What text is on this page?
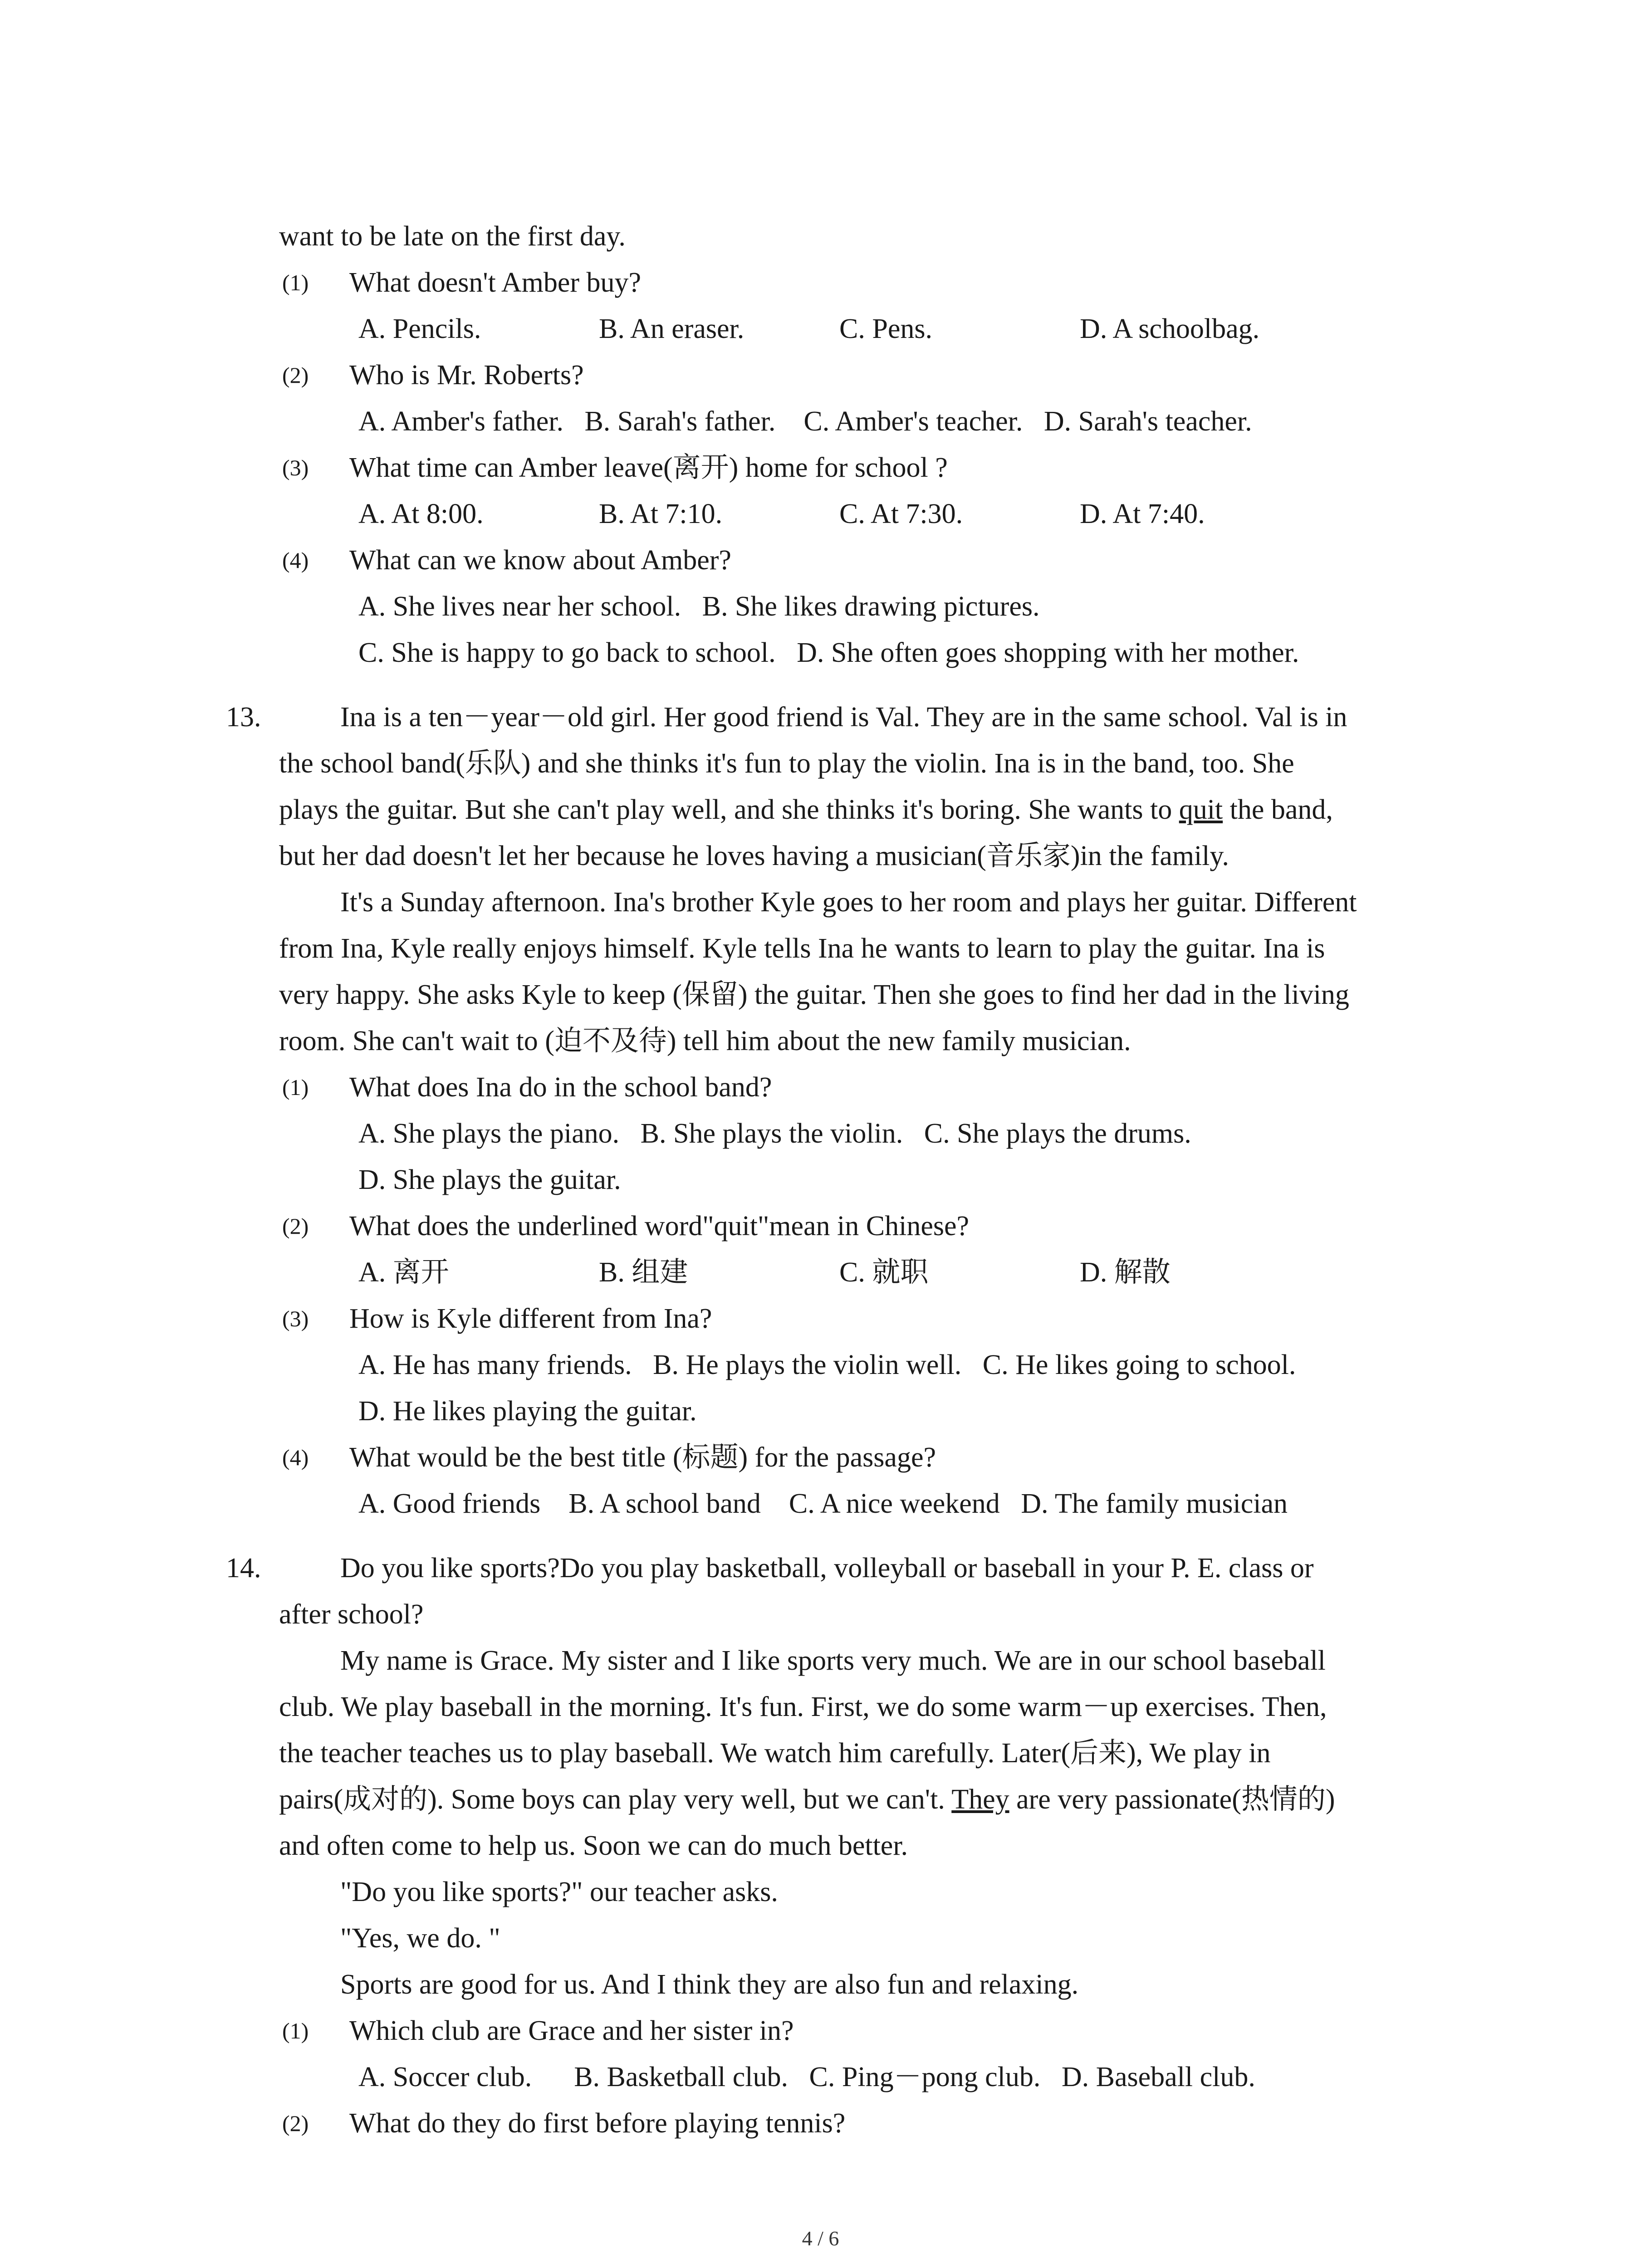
want to be late on the first day.
(1) What doesn't Amber buy?
A. Pencils.	B. An eraser.	C. Pens.	D. A schoolbag.
(2) Who is Mr. Roberts?
A. Amber's father.   B. Sarah's father.    C. Amber's teacher.   D. Sarah's teacher.
(3) What time can Amber leave(离开) home for school ?
A. At 8:00.	B. At 7:10.	C. At 7:30.	D. At 7:40.
(4) What can we know about Amber?
A. She lives near her school.   B. She likes drawing pictures.
C. She is happy to go back to school.   D. She often goes shopping with her mother.
13.	Ina is a ten－year－old girl. Her good friend is Val. They are in the same school. Val is in
the school band(乐队) and she thinks it's fun to play the violin. Ina is in the band, too. She
plays the guitar. But she can't play well, and she thinks it's boring. She wants to quit the band,
but her dad doesn't let her because he loves having a musician(音乐家)in the family.
It's a Sunday afternoon. Ina's brother Kyle goes to her room and plays her guitar. Different
from Ina, Kyle really enjoys himself. Kyle tells Ina he wants to learn to play the guitar. Ina is
very happy. She asks Kyle to keep (保留) the guitar. Then she goes to find her dad in the living
room. She can't wait to (迫不及待) tell him about the new family musician.
(1) What does Ina do in the school band?
A. She plays the piano.   B. She plays the violin.   C. She plays the drums.
D. She plays the guitar.
(2) What does the underlined word"quit"mean in Chinese?
A. 离开	B. 组建	C. 就职	D. 解散
(3) How is Kyle different from Ina?
A. He has many friends.   B. He plays the violin well.   C. He likes going to school.
D. He likes playing the guitar.
(4) What would be the best title (标题) for the passage?
A. Good friends    B. A school band    C. A nice weekend   D. The family musician
14.	Do you like sports?Do you play basketball, volleyball or baseball in your P. E. class or
after school?
My name is Grace. My sister and I like sports very much. We are in our school baseball
club. We play baseball in the morning. It's fun. First, we do some warm－up exercises. Then,
the teacher teaches us to play baseball. We watch him carefully. Later(后来), We play in
pairs(成对的). Some boys can play very well, but we can't. They are very passionate(热情的)
and often come to help us. Soon we can do much better.
"Do you like sports?" our teacher asks.
"Yes, we do. "
Sports are good for us. And I think they are also fun and relaxing.
(1) Which club are Grace and her sister in?
A. Soccer club.      B. Basketball club.   C. Ping－pong club.   D. Baseball club.
(2) What do they do first before playing tennis?
4 / 6
